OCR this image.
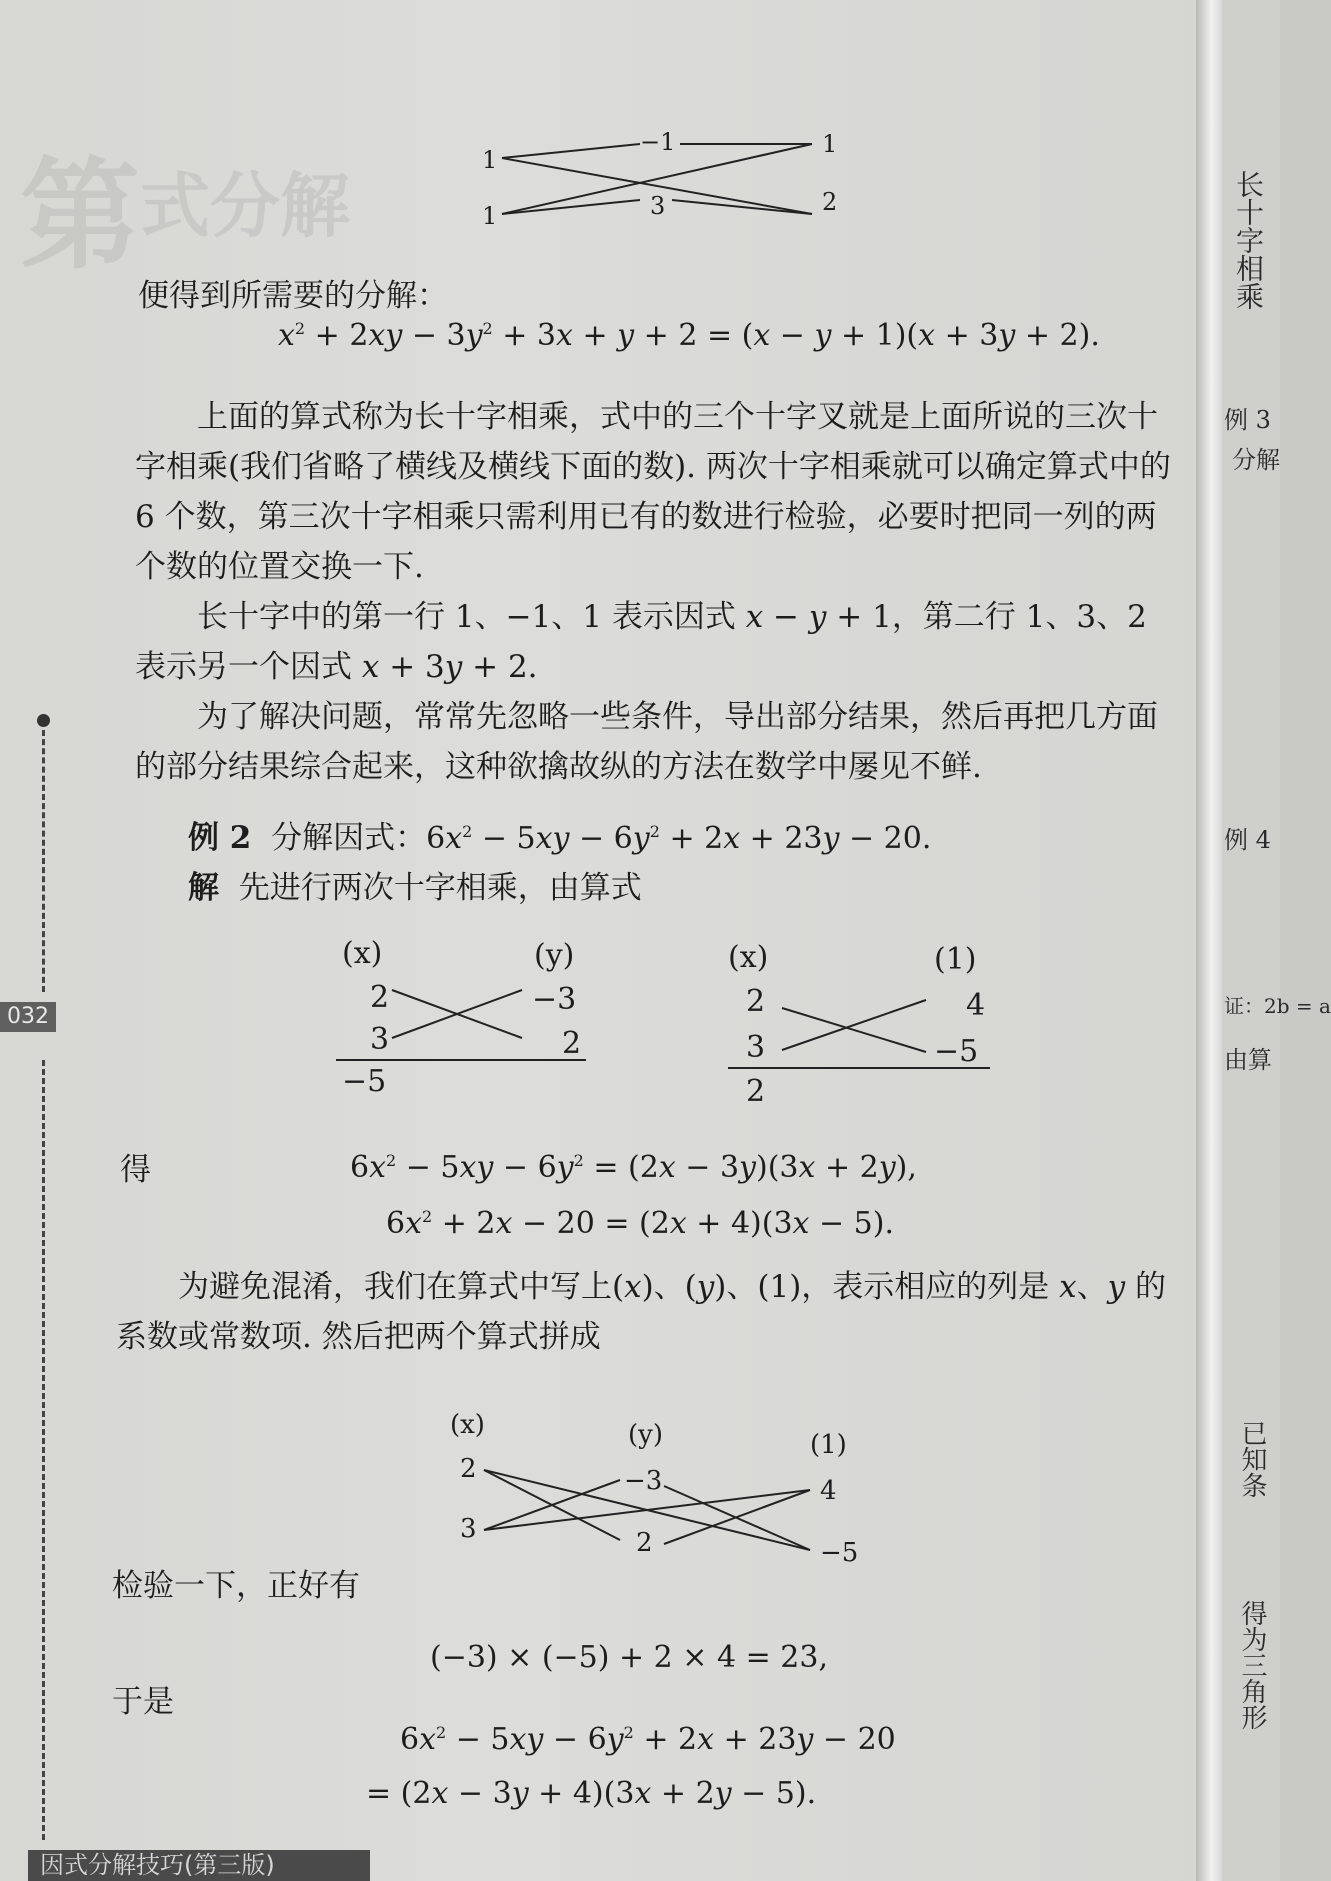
第 式分解
1
−1	1
1	3	2
便得到所需要的分解：
$x^2 + 2xy - 3y^2 + 3x + y + 2 = (x - y + 1)(x + 3y + 2)$.
上面的算式称为长十字相乘，式中的三个十字叉就是上面所说的三次十字相乘(我们省略了横线及横线下面的数). 两次十字相乘就可以确定算式中的 6 个数，第三次十字相乘只需利用已有的数进行检验，必要时把同一列的两个数的位置交换一下.
长十字中的第一行 1、−1、1 表示因式 x − y + 1，第二行 1、3、2 表示另一个因式 x + 3y + 2.
为了解决问题，常常先忽略一些条件，导出部分结果，然后再把几方面的部分结果综合起来，这种欲擒故纵的方法在数学中屡见不鲜.
例 2 分解因式：$6x^2 - 5xy - 6y^2 + 2x + 23y - 20$.
解 先进行两次十字相乘，由算式
(x)	(y)
2	−3
3	2
−5
(x)	(1)
2	4
3	−5
2
得	$6x^2 - 5xy - 6y^2 = (2x - 3y)(3x + 2y)$,
$6x^2 + 2x - 20 = (2x + 4)(3x - 5)$.
为避免混淆，我们在算式中写上(x)、(y)、(1)，表示相应的列是 x、y 的
系数或常数项. 然后把两个算式拼成
(x)	(y)	(1)
2	−3	4
3	2	−5
检验一下，正好有
(−3) × (−5) + 2 × 4 = 23,
于是
$6x^2 - 5xy - 6y^2 + 2x + 23y - 20$
= (2x − 3y + 4)(3x + 2y − 5).
032
因式分解技巧(第三版)
长十字相乘
例 3
分解
例 4
证：2b = a
由算
已知条
得为三角形
